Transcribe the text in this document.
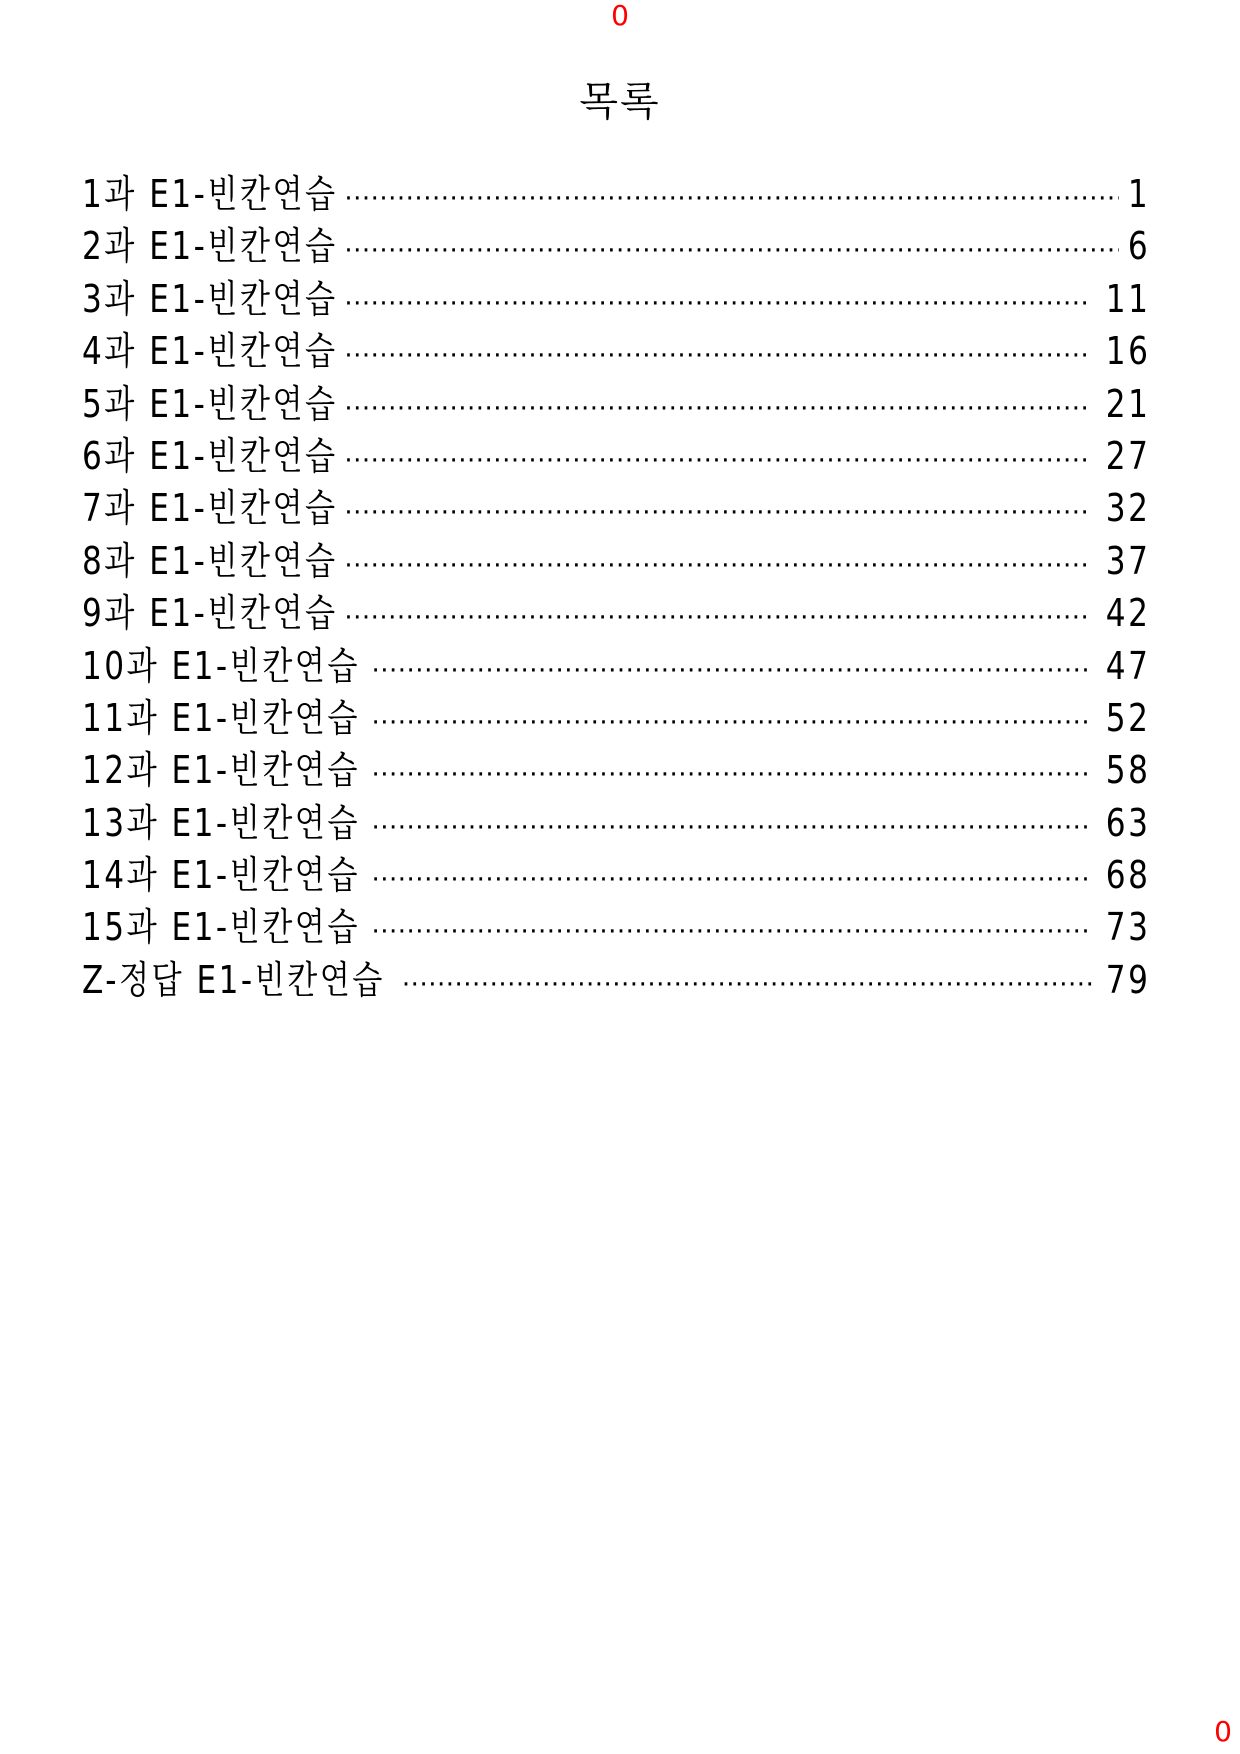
0
목록
1과 E1-빈칸연습 ·····	1
2과 E1-빈칸연습 ·····	6
3과 E1-빈칸연습 ·····	11
4과 E1-빈칸연습 ·····	16
5과 E1-빈칸연습 ·····	21
6과 E1-빈칸연습 ·····	27
7과 E1-빈칸연습 ·····	32
8과 E1-빈칸연습 ·····	37
9과 E1-빈칸연습 ·····	42
10과 E1-빈칸연습 ·····	47
11과 E1-빈칸연습 ·····	52
12과 E1-빈칸연습 ·····	58
13과 E1-빈칸연습 ·····	63
14과 E1-빈칸연습 ·····	68
15과 E1-빈칸연습 ·····	73
Z-정답 E1-빈칸연습 ·····	79
0
